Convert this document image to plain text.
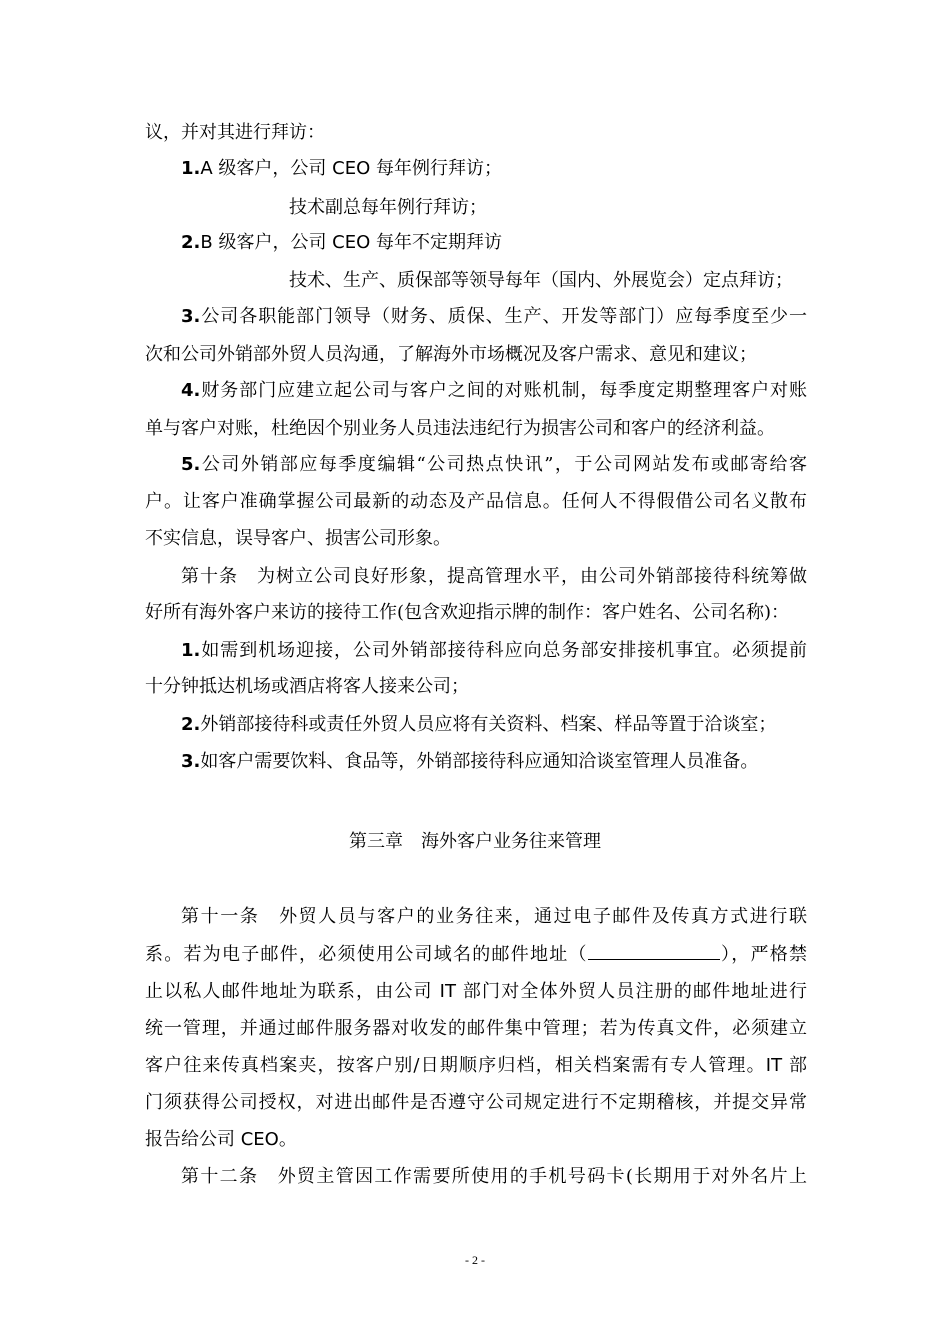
议，并对其进行拜访：
1.A 级客户，公司 CEO 每年例行拜访；
技术副总每年例行拜访；
2.B 级客户，公司 CEO 每年不定期拜访
技术、生产、质保部等领导每年（国内、外展览会）定点拜访；
3.公司各职能部门领导（财务、质保、生产、开发等部门）应每季度至少一
次和公司外销部外贸人员沟通，了解海外市场概况及客户需求、意见和建议；
4.财务部门应建立起公司与客户之间的对账机制，每季度定期整理客户对账
单与客户对账，杜绝因个别业务人员违法违纪行为损害公司和客户的经济利益。
5.公司外销部应每季度编辑“公司热点快讯”，于公司网站发布或邮寄给客
户。让客户准确掌握公司最新的动态及产品信息。任何人不得假借公司名义散布
不实信息，误导客户、损害公司形象。
第十条　为树立公司良好形象，提高管理水平，由公司外销部接待科统筹做
好所有海外客户来访的接待工作(包含欢迎指示牌的制作：客户姓名、公司名称)：
1.如需到机场迎接，公司外销部接待科应向总务部安排接机事宜。必须提前
十分钟抵达机场或酒店将客人接来公司；
2.外销部接待科或责任外贸人员应将有关资料、档案、样品等置于洽谈室；
3.如客户需要饮料、食品等，外销部接待科应通知洽谈室管理人员准备。
第三章　海外客户业务往来管理
第十一条　外贸人员与客户的业务往来，通过电子邮件及传真方式进行联
系。若为电子邮件，必须使用公司域名的邮件地址（	），严格禁
止以私人邮件地址为联系，由公司 IT 部门对全体外贸人员注册的邮件地址进行
统一管理，并通过邮件服务器对收发的邮件集中管理；若为传真文件，必须建立
客户往来传真档案夹，按客户别/日期顺序归档，相关档案需有专人管理。IT 部
门须获得公司授权，对进出邮件是否遵守公司规定进行不定期稽核，并提交异常
报告给公司 CEO。
第十二条　外贸主管因工作需要所使用的手机号码卡(长期用于对外名片上
- 2 -
